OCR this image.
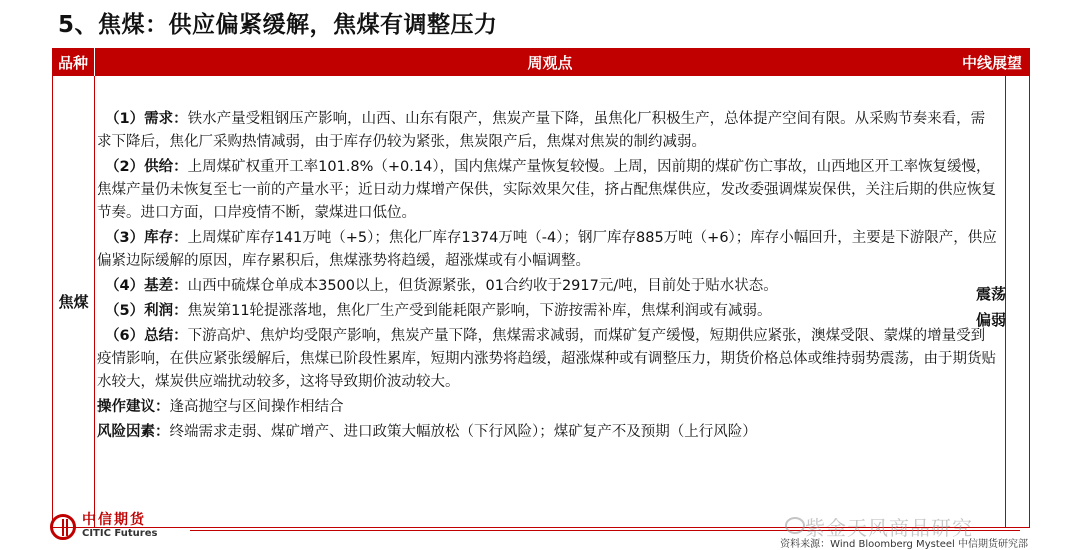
5、焦煤：供应偏紧缓解，焦煤有调整压力
品种	周观点
焦煤

（1）需求：铁水产量受粗钢压产影响，山西、山东有限产，焦炭产量下降，虽焦化厂积极生产，总体提产空间有限。从采购节奏来看，需求下降后，焦化厂采购热情减弱，由于库存仍较为紧张，焦炭限产后，焦煤对焦炭的制约减弱。

（2）供给：上周煤矿权重开工率101.8%（+0.14），国内焦煤产量恢复较慢。上周，因前期的煤矿伤亡事故，山西地区开工率恢复缓慢，焦煤产量仍未恢复至七一前的产量水平；近日动力煤增产保供，实际效果欠佳，挤占配焦煤供应，发改委强调煤炭保供，关注后期的供应恢复节奏。进口方面，口岸疫情不断，蒙煤进口低位。

（3）库存：上周煤矿库存141万吨（+5）；焦化厂库存1374万吨（-4）；钢厂库存885万吨（+6）；库存小幅回升，主要是下游限产，供应偏紧边际缓解的原因，库存累积后，焦煤涨势将趋缓，超涨煤或有小幅调整。

（4）基差：山西中硫煤仓单成本3500以上，但货源紧张，01合约收于2917元/吨，目前处于贴水状态。

（5）利润：焦炭第11轮提涨落地，焦化厂生产受到能耗限产影响，下游按需补库，焦煤利润或有减弱。

（6）总结：下游高炉、焦炉均受限产影响，焦炭产量下降，焦煤需求减弱，而煤矿复产缓慢，短期供应紧张，澳煤受限、蒙煤的增量受到疫情影响，在供应紧张缓解后，焦煤已阶段性累库，短期内涨势将趋缓，超涨煤种或有调整压力，期货价格总体或维持弱势震荡，由于期货贴水较大，煤炭供应端扰动较多，这将导致期价波动较大。

操作建议：逢高抛空与区间操作相结合

风险因素：终端需求走弱、煤矿增产、进口政策大幅放松（下行风险）；煤矿复产不及预期（上行风险）

中线展望
震荡
偏弱
中信期货
CITIC Futures	紫金天风商品研究
资料来源：Wind Bloomberg Mysteel 中信期货研究部
